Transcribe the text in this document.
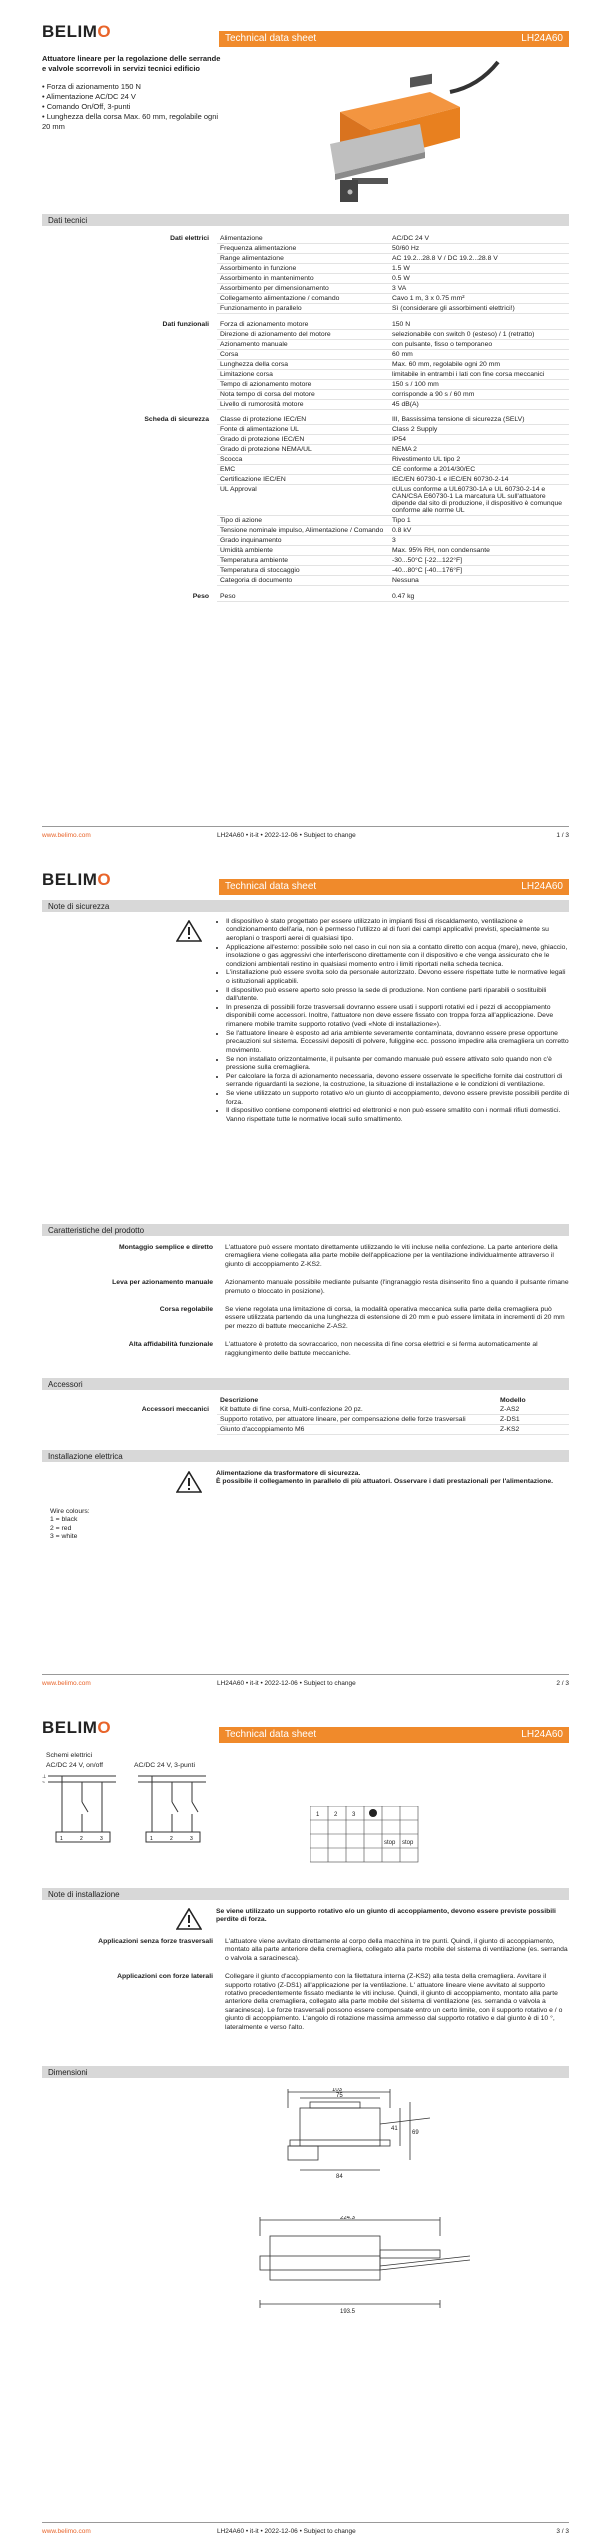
BELIMO	Technical data sheet	LH24A60
Attuatore lineare per la regolazione delle serrande e valvole scorrevoli in servizi tecnici edificio
• Forza di azionamento 150 N
• Alimentazione AC/DC 24 V
• Comando On/Off, 3-punti
• Lunghezza della corsa Max. 60 mm, regolabile ogni 20 mm
Dati tecnici
Dati elettrici	Alimentazione	AC/DC 24 V
	Frequenza alimentazione	50/60 Hz
	Range alimentazione	AC 19.2...28.8 V / DC 19.2...28.8 V
	Assorbimento in funzione	1.5 W
	Assorbimento in mantenimento	0.5 W
	Assorbimento per dimensionamento	3 VA
	Collegamento alimentazione / comando	Cavo 1 m, 3 x 0.75 mm²
	Funzionamento in parallelo	Sì (considerare gli assorbimenti elettrici!)

Dati funzionali	Forza di azionamento motore	150 N
	Direzione di azionamento del motore	selezionabile con switch 0 (esteso) / 1 (retratto)
	Azionamento manuale	con pulsante, fisso o temporaneo
	Corsa	60 mm
	Lunghezza della corsa	Max. 60 mm, regolabile ogni 20 mm
	Limitazione corsa	limitabile in entrambi i lati con fine corsa meccanici
	Tempo di azionamento motore	150 s / 100 mm
	Nota tempo di corsa del motore	corrisponde a 90 s / 60 mm
	Livello di rumorosità motore	45 dB(A)

Scheda di sicurezza	Classe di protezione IEC/EN	III, Bassissima tensione di sicurezza (SELV)
	Fonte di alimentazione UL	Class 2 Supply
	Grado di protezione IEC/EN	IP54
	Grado di protezione NEMA/UL	NEMA 2
	Scocca	Rivestimento UL tipo 2
	EMC	CE conforme a 2014/30/EC
	Certificazione IEC/EN	IEC/EN 60730-1 e IEC/EN 60730-2-14
	UL Approval	cULus conforme a UL60730-1A e UL 60730-2-14 e CAN/CSA E60730-1 La marcatura UL sull'attuatore dipende dal sito di produzione, il dispositivo è comunque conforme alle norme UL
	Tipo di azione	Tipo 1
	Tensione nominale impulso, Alimentazione / Comando	0.8 kV
	Grado inquinamento	3
	Umidità ambiente	Max. 95% RH, non condensante
	Temperatura ambiente	-30...50°C [-22...122°F]
	Temperatura di stoccaggio	-40...80°C [-40...176°F]
	Categoria di documento	Nessuna

Peso	Peso	0.47 kg
www.belimo.com	LH24A60 • it-it • 2022-12-06 • Subject to change	1 / 3
BELIMO	Technical data sheet	LH24A60
Note di sicurezza
• Il dispositivo è stato progettato per essere utilizzato in impianti fissi di riscaldamento, ventilazione e condizionamento dell'aria, non è permesso l'utilizzo al di fuori dei campi applicativi previsti, specialmente su aeroplani o trasporti aerei di qualsiasi tipo.
• Applicazione all'esterno: possibile solo nel caso in cui non sia a contatto diretto con acqua (mare), neve, ghiaccio, insolazione o gas aggressivi che interferiscono direttamente con il dispositivo e che venga assicurato che le condizioni ambientali restino in qualsiasi momento entro i limiti riportati nella scheda tecnica.
• L'installazione può essere svolta solo da personale autorizzato. Devono essere rispettate tutte le normative legali o istituzionali applicabili.
• Il dispositivo può essere aperto solo presso la sede di produzione. Non contiene parti riparabili o sostituibili dall'utente.
• In presenza di possibili forze trasversali dovranno essere usati i supporti rotativi ed i pezzi di accoppiamento disponibili come accessori. Inoltre, l'attuatore non deve essere fissato con troppa forza all'applicazione. Deve rimanere mobile tramite supporto rotativo (vedi «Note di installazione»).
• Se l'attuatore lineare è esposto ad aria ambiente severamente contaminata, dovranno essere prese opportune precauzioni sul sistema. Eccessivi depositi di polvere, fuliggine ecc. possono impedire alla cremagliera un corretto movimento.
• Se non installato orizzontalmente, il pulsante per comando manuale può essere attivato solo quando non c'è pressione sulla cremagliera.
• Per calcolare la forza di azionamento necessaria, devono essere osservate le specifiche fornite dai costruttori di serrande riguardanti la sezione, la costruzione, la situazione di installazione e le condizioni di ventilazione.
• Se viene utilizzato un supporto rotativo e/o un giunto di accoppiamento, devono essere previste possibili perdite di forza.
• Il dispositivo contiene componenti elettrici ed elettronici e non può essere smaltito con i normali rifiuti domestici. Vanno rispettate tutte le normative locali sullo smaltimento.
Caratteristiche del prodotto
Montaggio semplice e diretto	L'attuatore può essere montato direttamente utilizzando le viti incluse nella confezione. La parte anteriore della cremagliera viene collegata alla parte mobile dell'applicazione per la ventilazione individualmente attraverso il giunto di accoppiamento Z-KS2.
Leva per azionamento manuale	Azionamento manuale possibile mediante pulsante (l'ingranaggio resta disinserito fino a quando il pulsante rimane premuto o bloccato in posizione).
Corsa regolabile	Se viene regolata una limitazione di corsa, la modalità operativa meccanica sulla parte della cremagliera può essere utilizzata partendo da una lunghezza di estensione di 20 mm e può essere limitata in incrementi di 20 mm per mezzo di battute meccaniche Z-AS2.
Alta affidabilità funzionale	L'attuatore è protetto da sovraccarico, non necessita di fine corsa elettrici e si ferma automaticamente al raggiungimento delle battute meccaniche.
Accessori
	Descrizione	Modello
Accessori meccanici	Kit battute di fine corsa, Multi-confezione 20 pz.	Z-AS2
	Supporto rotativo, per attuatore lineare, per compensazione delle forze trasversali	Z-DS1
	Giunto d'accoppiamento M6	Z-KS2
Installazione elettrica
Alimentazione da trasformatore di sicurezza.
È possibile il collegamento in parallelo di più attuatori. Osservare i dati prestazionali per l'alimentazione.
Wire colours:
1 = black
2 = red
3 = white
www.belimo.com	LH24A60 • it-it • 2022-12-06 • Subject to change	2 / 3
BELIMO	Technical data sheet	LH24A60
Schemi elettrici
AC/DC 24 V, on/off	AC/DC 24 V, 3-punti
⊥
~
1	2	3	1	2	3
1 2 3
stop stop
Note di installazione
Se viene utilizzato un supporto rotativo e/o un giunto di accoppiamento, devono essere previste possibili perdite di forza.
Applicazioni senza forze trasversali	L'attuatore viene avvitato direttamente al corpo della macchina in tre punti. Quindi, il giunto di accoppiamento, montato alla parte anteriore della cremagliera, collegato alla parte mobile del sistema di ventilazione (es. serranda o valvola a saracinesca).
Applicazioni con forze laterali	Collegare il giunto d'accoppiamento con la filettatura interna (Z-KS2) alla testa della cremagliera. Avvitare il supporto rotativo (Z-DS1) all'applicazione per la ventilazione. L' attuatore lineare viene avvitato al supporto rotativo precedentemente fissato mediante le viti incluse. Quindi, il giunto di accoppiamento, montato alla parte anteriore della cremagliera, collegato alla parte mobile del sistema di ventilazione (es. serranda o valvola a saracinesca). Le forze trasversali possono essere compensate entro un certo limite, con il supporto rotativo e / o giunto di accoppiamento. L'angolo di rotazione massima ammesso dal supporto rotativo e dal giunto è di 10 °, lateralmente e verso l'alto.
Dimensioni
103
75
84
41
69
224.3
193.5
www.belimo.com	LH24A60 • it-it • 2022-12-06 • Subject to change	3 / 3
